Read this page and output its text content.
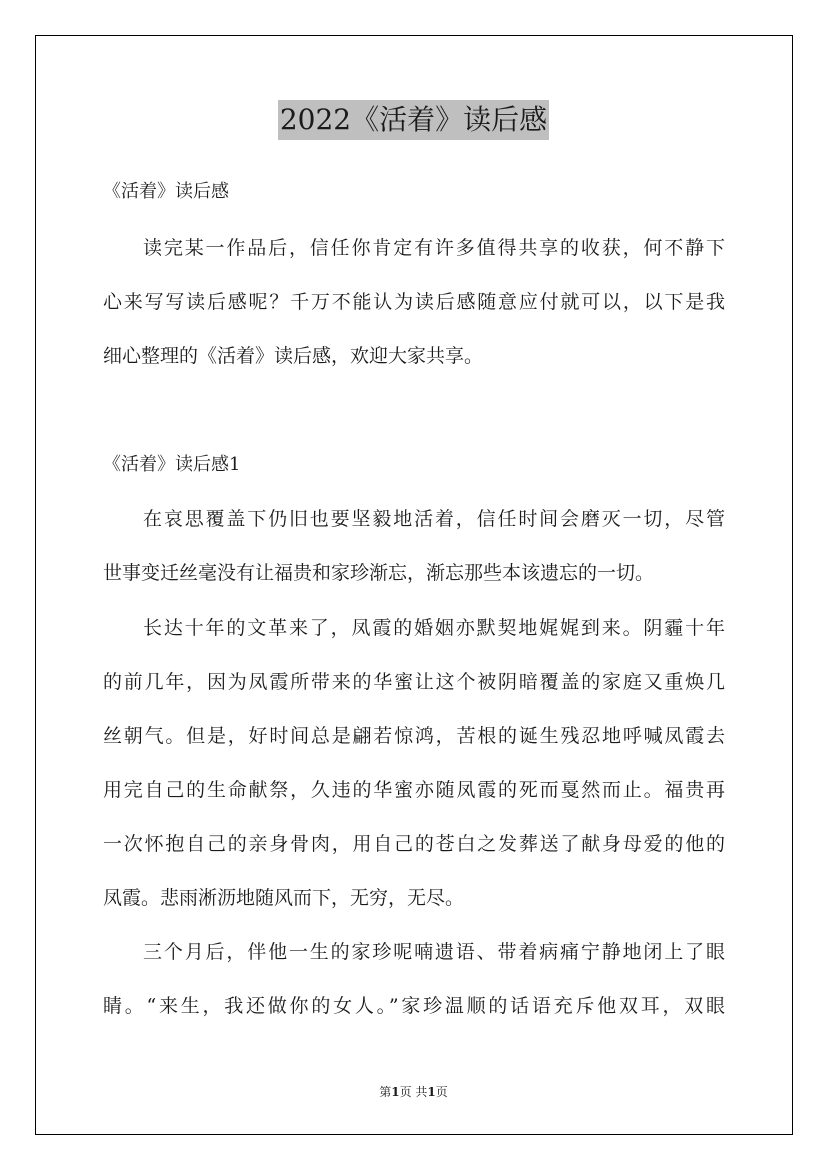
2022《活着》读后感
《活着》读后感
读完某一作品后，信任你肯定有许多值得共享的收获，何不静下
心来写写读后感呢？千万不能认为读后感随意应付就可以，以下是我
细心整理的《活着》读后感，欢迎大家共享。
《活着》读后感1
在哀思覆盖下仍旧也要坚毅地活着，信任时间会磨灭一切，尽管
世事变迁丝毫没有让福贵和家珍渐忘，渐忘那些本该遗忘的一切。
长达十年的文革来了，凤霞的婚姻亦默契地娓娓到来。阴霾十年
的前几年，因为凤霞所带来的华蜜让这个被阴暗覆盖的家庭又重焕几
丝朝气。但是，好时间总是翩若惊鸿，苦根的诞生残忍地呼喊凤霞去
用完自己的生命献祭，久违的华蜜亦随凤霞的死而戛然而止。福贵再
一次怀抱自己的亲身骨肉，用自己的苍白之发葬送了献身母爱的他的
凤霞。悲雨淅沥地随风而下，无穷，无尽。
三个月后，伴他一生的家珍呢喃遗语、带着病痛宁静地闭上了眼
睛。“来生，我还做你的女人。”家珍温顺的话语充斥他双耳，双眼
第1页 共1页
